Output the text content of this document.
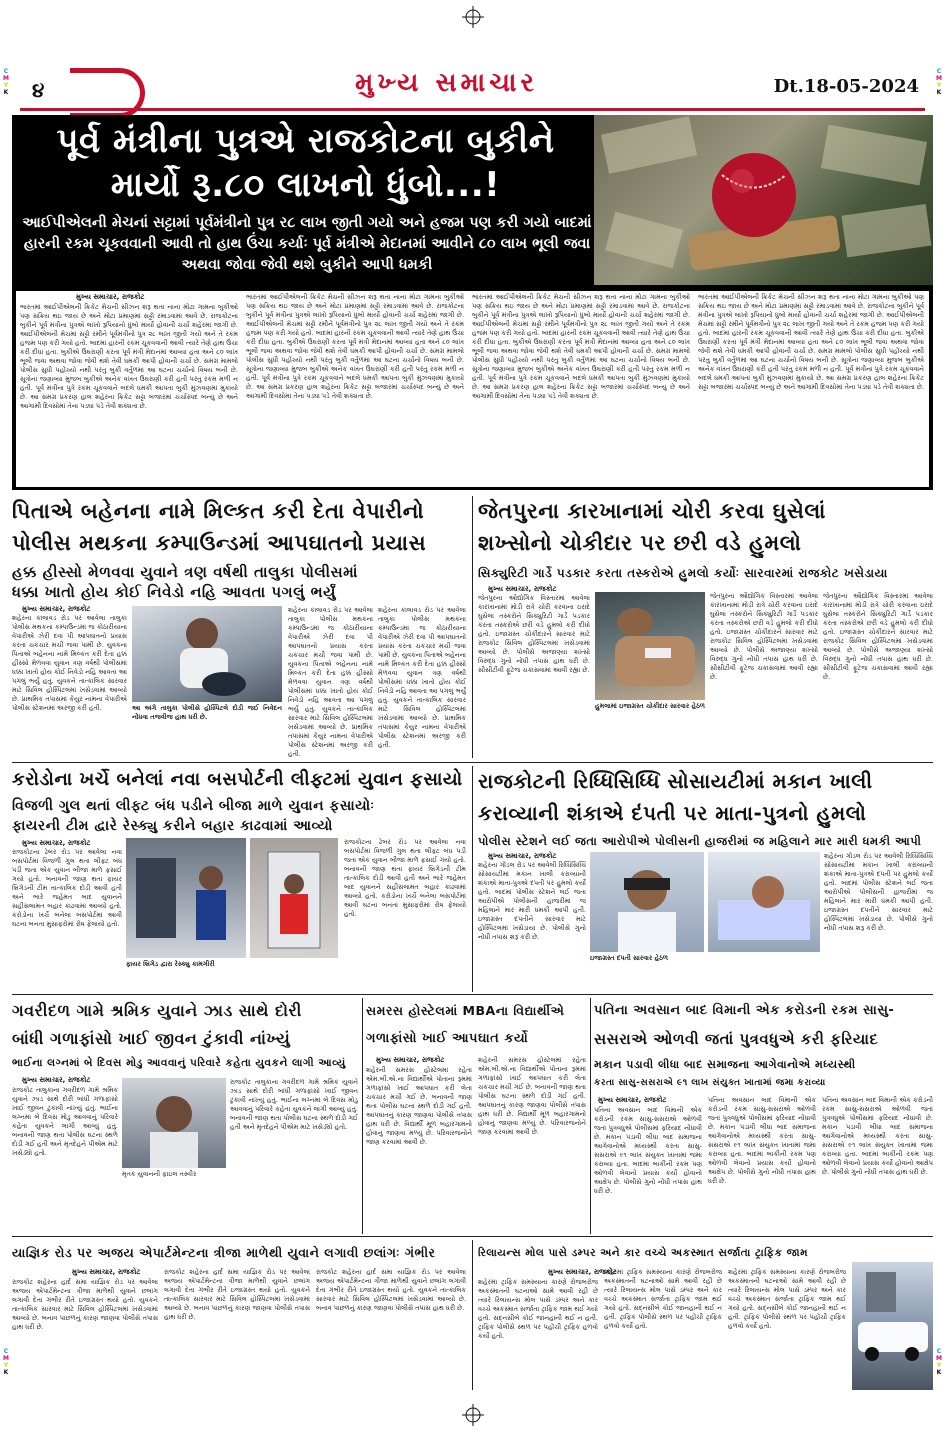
C
M
Y
K
C
M
Y
K
C
M
Y
K
C
M
Y
K
૪	મુખ્ય સમાચાર	Dt.18-05-2024
પૂર્વ મંત્રીના પુત્રએ રાજકોટના બુકીને
માર્યો રૂ.૮૦ લાખનો ધુંબો...!
આઈપીએલની મેચનાં સટ્ટામાં પૂર્વમંત્રીનો પુત્ર ર૮ લાખ જીતી ગયો અને હજમ પણ કરી ગયો બાદમાં હારની રકમ ચૂકવવાની આવી તો હાથ ઉંચા કર્યાઃ પૂર્વ મંત્રીએ મેદાનમાં આવીને ૮૦ લાખ ભૂલી જવા અથવા જોવા જેવી થશે બુકીને આપી ધમકી
મુખ્ય સમાચાર, રાજકોટ
ભારતમાં આઈપીએલની ક્રિકેટ મેચની સીઝન શરૂ થતા નાના મોટા ગામના બુકીઓ પણ સક્રિય થઇ જાય છે અને મોટા પ્રમાણમાં સટ્ટો રમાડવામાં આવે છે. રાજકોટના બુકીને પૂર્વ મંત્રીના પુત્રએ લાખો રૂપિયાનો ધુંબો માર્યો હોવાની ચર્ચા શહેરમાં જાગી છે. આઈપીએલની મેચમાં સટ્ટો રમીને પૂર્વમંત્રીનો પુત્ર ૨૮ લાખ જીતી ગયો અને તે રકમ હજમ પણ કરી ગયો હતો. બાદમાં હારની રકમ ચૂકવવાની આવી ત્યારે તેણે હાથ ઉંચા કરી દીધા હતા. બુકીએ ઉઘરાણી કરતા પૂર્વ મંત્રી મેદાનમાં આવ્યા હતા અને ૮૦ લાખ ભૂલી જવા અથવા જોવા જેવી થશે તેવી ધમકી આપી હોવાની ચર્ચા છે. સમગ્ર મામલો પોલીસ સુધી પહોંચ્યો નથી પરંતુ બુકી વર્તુળમાં આ ઘટના ચર્ચાનો વિષય બની છે. સૂત્રોના જણાવ્યા મુજબ બુકીએ અનેક વખત ઉઘરાણી કરી હતી પરંતુ રકમ મળી ન હતી. પૂર્વ મંત્રીના પુત્રે રકમ ચૂકવવાને બદલે ધમકી આપતા બુકી મુંઝવણમાં મુકાયો છે. આ સમગ્ર પ્રકરણ હાલ શહેરના ક્રિકેટ સટ્ટા બજારમાં ચર્ચાસ્પદ બન્યું છે અને આગામી દિવસોમાં તેના પડઘા પડે તેવી શક્યતા છે.
ભારતમાં આઈપીએલની ક્રિકેટ મેચની સીઝન શરૂ થતા નાના મોટા ગામના બુકીઓ પણ સક્રિય થઇ જાય છે અને મોટા પ્રમાણમાં સટ્ટો રમાડવામાં આવે છે. રાજકોટના બુકીને પૂર્વ મંત્રીના પુત્રએ લાખો રૂપિયાનો ધુંબો માર્યો હોવાની ચર્ચા શહેરમાં જાગી છે. આઈપીએલની મેચમાં સટ્ટો રમીને પૂર્વમંત્રીનો પુત્ર ૨૮ લાખ જીતી ગયો અને તે રકમ હજમ પણ કરી ગયો હતો. બાદમાં હારની રકમ ચૂકવવાની આવી ત્યારે તેણે હાથ ઉંચા કરી દીધા હતા. બુકીએ ઉઘરાણી કરતા પૂર્વ મંત્રી મેદાનમાં આવ્યા હતા અને ૮૦ લાખ ભૂલી જવા અથવા જોવા જેવી થશે તેવી ધમકી આપી હોવાની ચર્ચા છે. સમગ્ર મામલો પોલીસ સુધી પહોંચ્યો નથી પરંતુ બુકી વર્તુળમાં આ ઘટના ચર્ચાનો વિષય બની છે. સૂત્રોના જણાવ્યા મુજબ બુકીએ અનેક વખત ઉઘરાણી કરી હતી પરંતુ રકમ મળી ન હતી. પૂર્વ મંત્રીના પુત્રે રકમ ચૂકવવાને બદલે ધમકી આપતા બુકી મુંઝવણમાં મુકાયો છે. આ સમગ્ર પ્રકરણ હાલ શહેરના ક્રિકેટ સટ્ટા બજારમાં ચર્ચાસ્પદ બન્યું છે અને આગામી દિવસોમાં તેના પડઘા પડે તેવી શક્યતા છે.
ભારતમાં આઈપીએલની ક્રિકેટ મેચની સીઝન શરૂ થતા નાના મોટા ગામના બુકીઓ પણ સક્રિય થઇ જાય છે અને મોટા પ્રમાણમાં સટ્ટો રમાડવામાં આવે છે. રાજકોટના બુકીને પૂર્વ મંત્રીના પુત્રએ લાખો રૂપિયાનો ધુંબો માર્યો હોવાની ચર્ચા શહેરમાં જાગી છે. આઈપીએલની મેચમાં સટ્ટો રમીને પૂર્વમંત્રીનો પુત્ર ૨૮ લાખ જીતી ગયો અને તે રકમ હજમ પણ કરી ગયો હતો. બાદમાં હારની રકમ ચૂકવવાની આવી ત્યારે તેણે હાથ ઉંચા કરી દીધા હતા. બુકીએ ઉઘરાણી કરતા પૂર્વ મંત્રી મેદાનમાં આવ્યા હતા અને ૮૦ લાખ ભૂલી જવા અથવા જોવા જેવી થશે તેવી ધમકી આપી હોવાની ચર્ચા છે. સમગ્ર મામલો પોલીસ સુધી પહોંચ્યો નથી પરંતુ બુકી વર્તુળમાં આ ઘટના ચર્ચાનો વિષય બની છે. સૂત્રોના જણાવ્યા મુજબ બુકીએ અનેક વખત ઉઘરાણી કરી હતી પરંતુ રકમ મળી ન હતી. પૂર્વ મંત્રીના પુત્રે રકમ ચૂકવવાને બદલે ધમકી આપતા બુકી મુંઝવણમાં મુકાયો છે. આ સમગ્ર પ્રકરણ હાલ શહેરના ક્રિકેટ સટ્ટા બજારમાં ચર્ચાસ્પદ બન્યું છે અને આગામી દિવસોમાં તેના પડઘા પડે તેવી શક્યતા છે.
ભારતમાં આઈપીએલની ક્રિકેટ મેચની સીઝન શરૂ થતા નાના મોટા ગામના બુકીઓ પણ સક્રિય થઇ જાય છે અને મોટા પ્રમાણમાં સટ્ટો રમાડવામાં આવે છે. રાજકોટના બુકીને પૂર્વ મંત્રીના પુત્રએ લાખો રૂપિયાનો ધુંબો માર્યો હોવાની ચર્ચા શહેરમાં જાગી છે. આઈપીએલની મેચમાં સટ્ટો રમીને પૂર્વમંત્રીનો પુત્ર ૨૮ લાખ જીતી ગયો અને તે રકમ હજમ પણ કરી ગયો હતો. બાદમાં હારની રકમ ચૂકવવાની આવી ત્યારે તેણે હાથ ઉંચા કરી દીધા હતા. બુકીએ ઉઘરાણી કરતા પૂર્વ મંત્રી મેદાનમાં આવ્યા હતા અને ૮૦ લાખ ભૂલી જવા અથવા જોવા જેવી થશે તેવી ધમકી આપી હોવાની ચર્ચા છે. સમગ્ર મામલો પોલીસ સુધી પહોંચ્યો નથી પરંતુ બુકી વર્તુળમાં આ ઘટના ચર્ચાનો વિષય બની છે. સૂત્રોના જણાવ્યા મુજબ બુકીએ અનેક વખત ઉઘરાણી કરી હતી પરંતુ રકમ મળી ન હતી. પૂર્વ મંત્રીના પુત્રે રકમ ચૂકવવાને બદલે ધમકી આપતા બુકી મુંઝવણમાં મુકાયો છે. આ સમગ્ર પ્રકરણ હાલ શહેરના ક્રિકેટ સટ્ટા બજારમાં ચર્ચાસ્પદ બન્યું છે અને આગામી દિવસોમાં તેના પડઘા પડે તેવી શક્યતા છે.
પિતાએ બહેનના નામે મિલ્કત કરી દેતા વેપારીનો
પોલીસ મથકના કમ્પાઉન્ડમાં આપઘાતનો પ્રયાસ
હક્ક હીસ્સો મેળવવા યુવાને ત્રણ વર્ષથી તાલુકા પોલીસમાં
ધક્કા ખાતો હોય કોઈ નિવેડો નહિ આવતા પગલું ભર્યું
મુખ્ય સમાચાર, રાજકોટ
શહેરના કાલાવડ રોડ પર આવેલા તાલુકા પોલીસ મથકના કમ્પાઉન્ડમાં જ કોઠારીયાના વેપારીએ ઝેરી દવા પી આપઘાતનો પ્રયાસ કરતા ચકચાર મચી જવા પામી છે. યુવકના પિતાએ બહેનના નામે મિલ્કત કરી દેતા હક્ક હીસ્સો મેળવવા યુવાન ત્રણ વર્ષથી પોલીસમાં ધક્કા ખાતો હોય કોઈ નિવેડો નહિ આવતા આ પગલું ભર્યું હતું. યુવકને તાત્કાલિક સારવાર માટે સિવિલ હોસ્પિટલમાં ખસેડવામાં આવ્યો છે. પ્રાથમિક તપાસમાં કેયુર નામના વેપારીએ પોલીસ સ્ટેશનમાં અરજી કરી હતી.	આ અંગે તાલુકા પોલીસે હોસ્પિટલે દોડી જઈ નિવેદન નોંધવા તજવીજ હાથ ધરી છે.
શહેરના કાલાવડ રોડ પર આવેલા તાલુકા પોલીસ મથકના કમ્પાઉન્ડમાં જ કોઠારીયાના વેપારીએ ઝેરી દવા પી આપઘાતનો પ્રયાસ કરતા ચકચાર મચી જવા પામી છે. યુવકના પિતાએ બહેનના નામે મિલ્કત કરી દેતા હક્ક હીસ્સો મેળવવા યુવાન ત્રણ વર્ષથી પોલીસમાં ધક્કા ખાતો હોય કોઈ નિવેડો નહિ આવતા આ પગલું ભર્યું હતું. યુવકને તાત્કાલિક સારવાર માટે સિવિલ હોસ્પિટલમાં ખસેડવામાં આવ્યો છે. પ્રાથમિક તપાસમાં કેયુર નામના વેપારીએ પોલીસ સ્ટેશનમાં અરજી કરી હતી.
શહેરના કાલાવડ રોડ પર આવેલા તાલુકા પોલીસ મથકના કમ્પાઉન્ડમાં જ કોઠારીયાના વેપારીએ ઝેરી દવા પી આપઘાતનો પ્રયાસ કરતા ચકચાર મચી જવા પામી છે. યુવકના પિતાએ બહેનના નામે મિલ્કત કરી દેતા હક્ક હીસ્સો મેળવવા યુવાન ત્રણ વર્ષથી પોલીસમાં ધક્કા ખાતો હોય કોઈ નિવેડો નહિ આવતા આ પગલું ભર્યું હતું. યુવકને તાત્કાલિક સારવાર માટે સિવિલ હોસ્પિટલમાં ખસેડવામાં આવ્યો છે. પ્રાથમિક તપાસમાં કેયુર નામના વેપારીએ પોલીસ સ્ટેશનમાં અરજી કરી હતી.
જેતપુરના કારખાનામાં ચોરી કરવા ઘુસેલાં
શખ્સોનો ચોકીદાર પર છરી વડે હુમલો
સિક્યુરિટી ગાર્ડે પડકાર કરતા તસ્કરોએ હુમલો કર્યોઃ સારવારમાં રાજકોટ ખસેડાયા
મુખ્ય સમાચાર, રાજકોટ
જેતપુરના ઔદ્યોગિક વિસ્તારમાં આવેલા કારખાનામાં મોડી રાત્રે ચોરી કરવાના ઇરાદે ઘુસેલા તસ્કરોને સિક્યુરિટી ગાર્ડે પડકાર કરતા તસ્કરોએ છરી વડે હુમલો કરી દીધો હતો. ઇજાગ્રસ્ત ચોકીદારને સારવાર માટે રાજકોટ સિવિલ હોસ્પિટલમાં ખસેડવામાં આવ્યો છે. પોલીસે અજાણ્યા શખ્સો વિરુદ્ધ ગુનો નોંધી તપાસ હાથ ધરી છે. સીસીટીવી ફૂટેજ ચકાસવામાં આવી રહ્યા છે.
હુમલામાં ઇજાગ્રસ્ત ચોકીદાર સારવાર હેઠળ
જેતપુરના ઔદ્યોગિક વિસ્તારમાં આવેલા કારખાનામાં મોડી રાત્રે ચોરી કરવાના ઇરાદે ઘુસેલા તસ્કરોને સિક્યુરિટી ગાર્ડે પડકાર કરતા તસ્કરોએ છરી વડે હુમલો કરી દીધો હતો. ઇજાગ્રસ્ત ચોકીદારને સારવાર માટે રાજકોટ સિવિલ હોસ્પિટલમાં ખસેડવામાં આવ્યો છે. પોલીસે અજાણ્યા શખ્સો વિરુદ્ધ ગુનો નોંધી તપાસ હાથ ધરી છે. સીસીટીવી ફૂટેજ ચકાસવામાં આવી રહ્યા છે.
જેતપુરના ઔદ્યોગિક વિસ્તારમાં આવેલા કારખાનામાં મોડી રાત્રે ચોરી કરવાના ઇરાદે ઘુસેલા તસ્કરોને સિક્યુરિટી ગાર્ડે પડકાર કરતા તસ્કરોએ છરી વડે હુમલો કરી દીધો હતો. ઇજાગ્રસ્ત ચોકીદારને સારવાર માટે રાજકોટ સિવિલ હોસ્પિટલમાં ખસેડવામાં આવ્યો છે. પોલીસે અજાણ્યા શખ્સો વિરુદ્ધ ગુનો નોંધી તપાસ હાથ ધરી છે. સીસીટીવી ફૂટેજ ચકાસવામાં આવી રહ્યા છે.
કરોડોના ખર્ચે બનેલાં નવા બસપોર્ટની લીફ્ટમાં યુવાન ફસાયો
વિજળી ગુલ થતાં લીફ્ટ બંધ પડીને બીજા માળે યુવાન ફસાયોઃ
ફાયરની ટીમ દ્વારે રેસ્ક્યુ કરીને બહાર કાઢવામાં આવ્યો
મુખ્ય સમાચાર, રાજકોટ
રાજકોટના ઢેબર રોડ પર આવેલા નવા બસપોર્ટમાં વિજળી ગુલ થતા લીફ્ટ બંધ પડી જતા એક યુવાન બીજા માળે ફસાઈ ગયો હતો. બનાવની જાણ થતા ફાયર બ્રિગેડની ટીમ તાત્કાલિક દોડી આવી હતી અને ભારે જહેમત બાદ યુવાનને સહીસલામત બહાર કાઢવામાં આવ્યો હતો. કરોડોના ખર્ચે બનેલા બસપોર્ટમાં આવી ઘટના બનતા મુસાફરોમાં રોષ ફેલાયો હતો.
ફાયર બ્રિગેડ દ્વારા રેસ્ક્યુ કામગીરી
રાજકોટના ઢેબર રોડ પર આવેલા નવા બસપોર્ટમાં વિજળી ગુલ થતા લીફ્ટ બંધ પડી જતા એક યુવાન બીજા માળે ફસાઈ ગયો હતો. બનાવની જાણ થતા ફાયર બ્રિગેડની ટીમ તાત્કાલિક દોડી આવી હતી અને ભારે જહેમત બાદ યુવાનને સહીસલામત બહાર કાઢવામાં આવ્યો હતો. કરોડોના ખર્ચે બનેલા બસપોર્ટમાં આવી ઘટના બનતા મુસાફરોમાં રોષ ફેલાયો હતો.
રાજકોટની રિધ્ધિસિધ્ધિ સોસાયટીમાં મકાન ખાલી
કરાવ્યાની શંકાએ દંપતી પર માતા-પુત્રનો હુમલો
પોલીસ સ્ટેશને લઈ જતા આરોપીએ પોલીસની હાજરીમાં જ મહિલાને માર મારી ધમકી આપી
મુખ્ય સમાચાર, રાજકોટ
શહેરના ગોંડલ રોડ પર આવેલી રિધ્ધિસિધ્ધિ સોસાયટીમાં મકાન ખાલી કરાવ્યાની શંકાએ માતા-પુત્રએ દંપતી પર હુમલો કર્યો હતો. બાદમાં પોલીસ સ્ટેશને લઈ જતા આરોપીએ પોલીસની હાજરીમાં જ મહિલાને માર મારી ધમકી આપી હતી. ઇજાગ્રસ્ત દંપતીને સારવાર માટે હોસ્પિટલમાં ખસેડાયા છે. પોલીસે ગુનો નોંધી તપાસ શરૂ કરી છે.
ઇજાગ્રસ્ત દંપતી સારવાર હેઠળ
શહેરના ગોંડલ રોડ પર આવેલી રિધ્ધિસિધ્ધિ સોસાયટીમાં મકાન ખાલી કરાવ્યાની શંકાએ માતા-પુત્રએ દંપતી પર હુમલો કર્યો હતો. બાદમાં પોલીસ સ્ટેશને લઈ જતા આરોપીએ પોલીસની હાજરીમાં જ મહિલાને માર મારી ધમકી આપી હતી. ઇજાગ્રસ્ત દંપતીને સારવાર માટે હોસ્પિટલમાં ખસેડાયા છે. પોલીસે ગુનો નોંધી તપાસ શરૂ કરી છે.
ગવરીદળ ગામે શ્રમિક યુવાને ઝાડ સાથે દોરી
બાંધી ગળાફાંસો ખાઈ જીવન ટુંકાવી નાંખ્યું
ભાઈના લગ્નમાં બે દિવસ મોડુ આવવાનું પરિવારે કહેતા યુવકને લાગી આવ્યું
મુખ્ય સમાચાર, રાજકોટ
રાજકોટ તાલુકાના ગવરીદળ ગામે શ્રમિક યુવાને ઝાડ સાથે દોરી બાંધી ગળાફાંસો ખાઈ જીવન ટુંકાવી નાંખ્યું હતું. ભાઈના લગ્નમાં બે દિવસ મોડુ આવવાનું પરિવારે કહેતા યુવકને લાગી આવ્યું હતું. બનાવની જાણ થતા પોલીસ ઘટના સ્થળે દોડી ગઈ હતી અને મૃતદેહને પીએમ માટે ખસેડ્યો હતો.
મૃતક યુવાનની ફાઇલ તસ્વીર
રાજકોટ તાલુકાના ગવરીદળ ગામે શ્રમિક યુવાને ઝાડ સાથે દોરી બાંધી ગળાફાંસો ખાઈ જીવન ટુંકાવી નાંખ્યું હતું. ભાઈના લગ્નમાં બે દિવસ મોડુ આવવાનું પરિવારે કહેતા યુવકને લાગી આવ્યું હતું. બનાવની જાણ થતા પોલીસ ઘટના સ્થળે દોડી ગઈ હતી અને મૃતદેહને પીએમ માટે ખસેડ્યો હતો.
સમરસ હોસ્ટેલમાં MBAના વિદ્યાર્થીએ
ગળાફાંસો ખાઈ આપઘાત કર્યો
મુખ્ય સમાચાર, રાજકોટ
શહેરની સમરસ હોસ્ટેલમાં રહેતા એમ.બી.એ.ના વિદ્યાર્થીએ પોતાના રૂમમાં ગળાફાંસો ખાઈ આપઘાત કરી લેતા ચકચાર મચી ગઈ છે. બનાવની જાણ થતા પોલીસ ઘટના સ્થળે દોડી ગઈ હતી. આપઘાતનું કારણ જાણવા પોલીસે તપાસ હાથ ધરી છે. વિદ્યાર્થી મૂળ બહારગામનો હોવાનું જાણવા મળ્યું છે. પરિવારજનોને જાણ કરવામાં આવી છે.
શહેરની સમરસ હોસ્ટેલમાં રહેતા એમ.બી.એ.ના વિદ્યાર્થીએ પોતાના રૂમમાં ગળાફાંસો ખાઈ આપઘાત કરી લેતા ચકચાર મચી ગઈ છે. બનાવની જાણ થતા પોલીસ ઘટના સ્થળે દોડી ગઈ હતી. આપઘાતનું કારણ જાણવા પોલીસે તપાસ હાથ ધરી છે. વિદ્યાર્થી મૂળ બહારગામનો હોવાનું જાણવા મળ્યું છે. પરિવારજનોને જાણ કરવામાં આવી છે.
પતિના અવસાન બાદ વિમાની એક કરોડની રકમ સાસુ-
સસરાએ ઓળવી જતાં પુત્રવધુએ કરી ફરિયાદ
મકાન પડાવી લીધા બાદ સમાજના આગેવાનોએ મધ્યસ્થી
કરતા સાસુ-સસરાએ ૯૧ લાખ સંયુક્ત ખાતામાં જમા કરાવ્યા
મુખ્ય સમાચાર, રાજકોટ
પતિના અવસાન બાદ વિમાની એક કરોડની રકમ સાસુ-સસરાએ ઓળવી જતાં પુત્રવધુએ પોલીસમાં ફરિયાદ નોંધાવી છે. મકાન પડાવી લીધા બાદ સમાજના આગેવાનોએ મધ્યસ્થી કરતા સાસુ-સસરાએ ૯૧ લાખ સંયુક્ત ખાતામાં જમા કરાવ્યા હતા. બાદમાં બાકીની રકમ પણ ઓળવી લેવાનો પ્રયાસ કર્યો હોવાનો આક્ષેપ છે. પોલીસે ગુનો નોંધી તપાસ હાથ ધરી છે.
પતિના અવસાન બાદ વિમાની એક કરોડની રકમ સાસુ-સસરાએ ઓળવી જતાં પુત્રવધુએ પોલીસમાં ફરિયાદ નોંધાવી છે. મકાન પડાવી લીધા બાદ સમાજના આગેવાનોએ મધ્યસ્થી કરતા સાસુ-સસરાએ ૯૧ લાખ સંયુક્ત ખાતામાં જમા કરાવ્યા હતા. બાદમાં બાકીની રકમ પણ ઓળવી લેવાનો પ્રયાસ કર્યો હોવાનો આક્ષેપ છે. પોલીસે ગુનો નોંધી તપાસ હાથ ધરી છે.
પતિના અવસાન બાદ વિમાની એક કરોડની રકમ સાસુ-સસરાએ ઓળવી જતાં પુત્રવધુએ પોલીસમાં ફરિયાદ નોંધાવી છે. મકાન પડાવી લીધા બાદ સમાજના આગેવાનોએ મધ્યસ્થી કરતા સાસુ-સસરાએ ૯૧ લાખ સંયુક્ત ખાતામાં જમા કરાવ્યા હતા. બાદમાં બાકીની રકમ પણ ઓળવી લેવાનો પ્રયાસ કર્યો હોવાનો આક્ષેપ છે. પોલીસે ગુનો નોંધી તપાસ હાથ ધરી છે.
યાજ્ઞિક રોડ પર અજય એપાર્ટમેન્ટના ત્રીજા માળેથી યુવાને લગાવી છલાંગઃ ગંભીર
મુખ્ય સમાચાર, રાજકોટ
રાજકોટ શહેરના હાર્દ સમા યાજ્ઞિક રોડ પર આવેલા અજય એપાર્ટમેન્ટના ત્રીજા માળેથી યુવાને છલાંગ લગાવી દેતા ગંભીર રીતે ઇજાગ્રસ્ત થયો હતો. યુવકને તાત્કાલિક સારવાર માટે સિવિલ હોસ્પિટલમાં ખસેડવામાં આવ્યો છે. બનાવ પાછળનું કારણ જાણવા પોલીસે તપાસ હાથ ધરી છે.
રાજકોટ શહેરના હાર્દ સમા યાજ્ઞિક રોડ પર આવેલા અજય એપાર્ટમેન્ટના ત્રીજા માળેથી યુવાને છલાંગ લગાવી દેતા ગંભીર રીતે ઇજાગ્રસ્ત થયો હતો. યુવકને તાત્કાલિક સારવાર માટે સિવિલ હોસ્પિટલમાં ખસેડવામાં આવ્યો છે. બનાવ પાછળનું કારણ જાણવા પોલીસે તપાસ હાથ ધરી છે.
રાજકોટ શહેરના હાર્દ સમા યાજ્ઞિક રોડ પર આવેલા અજય એપાર્ટમેન્ટના ત્રીજા માળેથી યુવાને છલાંગ લગાવી દેતા ગંભીર રીતે ઇજાગ્રસ્ત થયો હતો. યુવકને તાત્કાલિક સારવાર માટે સિવિલ હોસ્પિટલમાં ખસેડવામાં આવ્યો છે. બનાવ પાછળનું કારણ જાણવા પોલીસે તપાસ હાથ ધરી છે.
રિલાયન્સ મોલ પાસે ડમ્પર અને કાર વચ્ચે અકસ્માત સર્જાતા ટ્રાફિક જામ
મુખ્ય સમાચાર, રાજકોટ
શહેરમાં ટ્રાફિક સમસ્યાના કારણે રોજબરોજ અકસ્માતની ઘટનાઓ સામે આવી રહી છે ત્યારે રિલાયન્સ મોલ પાસે ડમ્પર અને કાર વચ્ચે અકસ્માત સર્જાતા ટ્રાફિક જામ થઈ ગયો હતો. સદ્‌નસીબે કોઈ જાનહાની થઈ ન હતી. ટ્રાફિક પોલીસે સ્થળ પર પહોંચી ટ્રાફિક હળવો કર્યો હતો.
શહેરમાં ટ્રાફિક સમસ્યાના કારણે રોજબરોજ અકસ્માતની ઘટનાઓ સામે આવી રહી છે ત્યારે રિલાયન્સ મોલ પાસે ડમ્પર અને કાર વચ્ચે અકસ્માત સર્જાતા ટ્રાફિક જામ થઈ ગયો હતો. સદ્‌નસીબે કોઈ જાનહાની થઈ ન હતી. ટ્રાફિક પોલીસે સ્થળ પર પહોંચી ટ્રાફિક હળવો કર્યો હતો.
શહેરમાં ટ્રાફિક સમસ્યાના કારણે રોજબરોજ અકસ્માતની ઘટનાઓ સામે આવી રહી છે ત્યારે રિલાયન્સ મોલ પાસે ડમ્પર અને કાર વચ્ચે અકસ્માત સર્જાતા ટ્રાફિક જામ થઈ ગયો હતો. સદ્‌નસીબે કોઈ જાનહાની થઈ ન હતી. ટ્રાફિક પોલીસે સ્થળ પર પહોંચી ટ્રાફિક હળવો કર્યો હતો.
